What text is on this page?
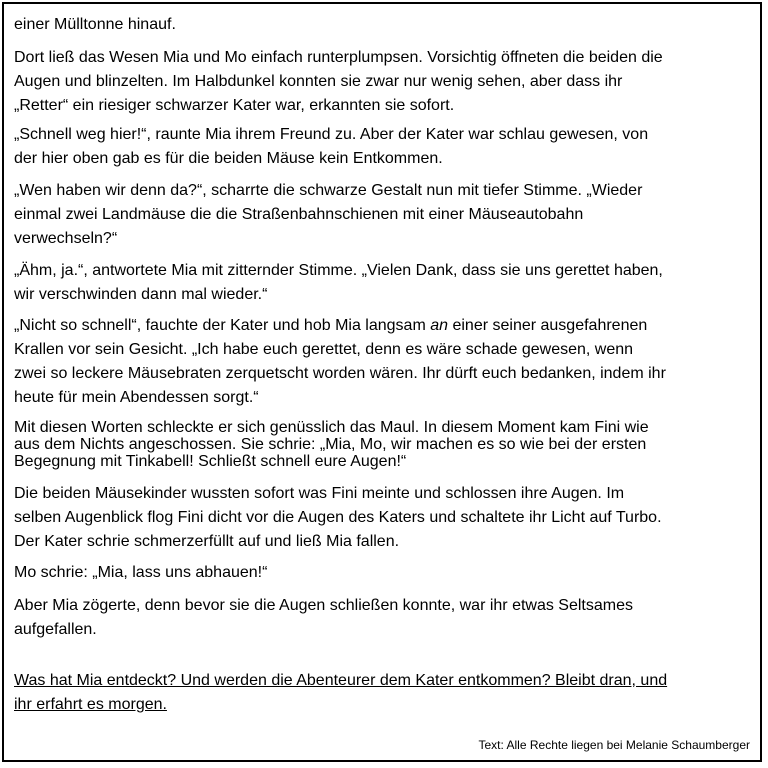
einer Mülltonne hinauf.

Dort ließ das Wesen Mia und Mo einfach runterplumpsen. Vorsichtig öffneten die beiden die
Augen und blinzelten. Im Halbdunkel konnten sie zwar nur wenig sehen, aber dass ihr
„Retter“ ein riesiger schwarzer Kater war, erkannten sie sofort.

„Schnell weg hier!“, raunte Mia ihrem Freund zu. Aber der Kater war schlau gewesen, von
der hier oben gab es für die beiden Mäuse kein Entkommen.

„Wen haben wir denn da?“, scharrte die schwarze Gestalt nun mit tiefer Stimme. „Wieder
einmal zwei Landmäuse die die Straßenbahnschienen mit einer Mäuseautobahn
verwechseln?“

„Ähm, ja.“, antwortete Mia mit zitternder Stimme. „Vielen Dank, dass sie uns gerettet haben,
wir verschwinden dann mal wieder.“

„Nicht so schnell“, fauchte der Kater und hob Mia langsam an einer seiner ausgefahrenen
Krallen vor sein Gesicht. „Ich habe euch gerettet, denn es wäre schade gewesen, wenn
zwei so leckere Mäusebraten zerquetscht worden wären. Ihr dürft euch bedanken, indem ihr
heute für mein Abendessen sorgt.“

Mit diesen Worten schleckte er sich genüsslich das Maul. In diesem Moment kam Fini wie
aus dem Nichts angeschossen. Sie schrie: „Mia, Mo, wir machen es so wie bei der ersten
Begegnung mit Tinkabell! Schließt schnell eure Augen!“

Die beiden Mäusekinder wussten sofort was Fini meinte und schlossen ihre Augen. Im
selben Augenblick flog Fini dicht vor die Augen des Katers und schaltete ihr Licht auf Turbo.
Der Kater schrie schmerzerfüllt auf und ließ Mia fallen.

Mo schrie: „Mia, lass uns abhauen!“

Aber Mia zögerte, denn bevor sie die Augen schließen konnte, war ihr etwas Seltsames
aufgefallen.

Was hat Mia entdeckt? Und werden die Abenteurer dem Kater entkommen? Bleibt dran, und
ihr erfahrt es morgen.

Text: Alle Rechte liegen bei Melanie Schaumberger
